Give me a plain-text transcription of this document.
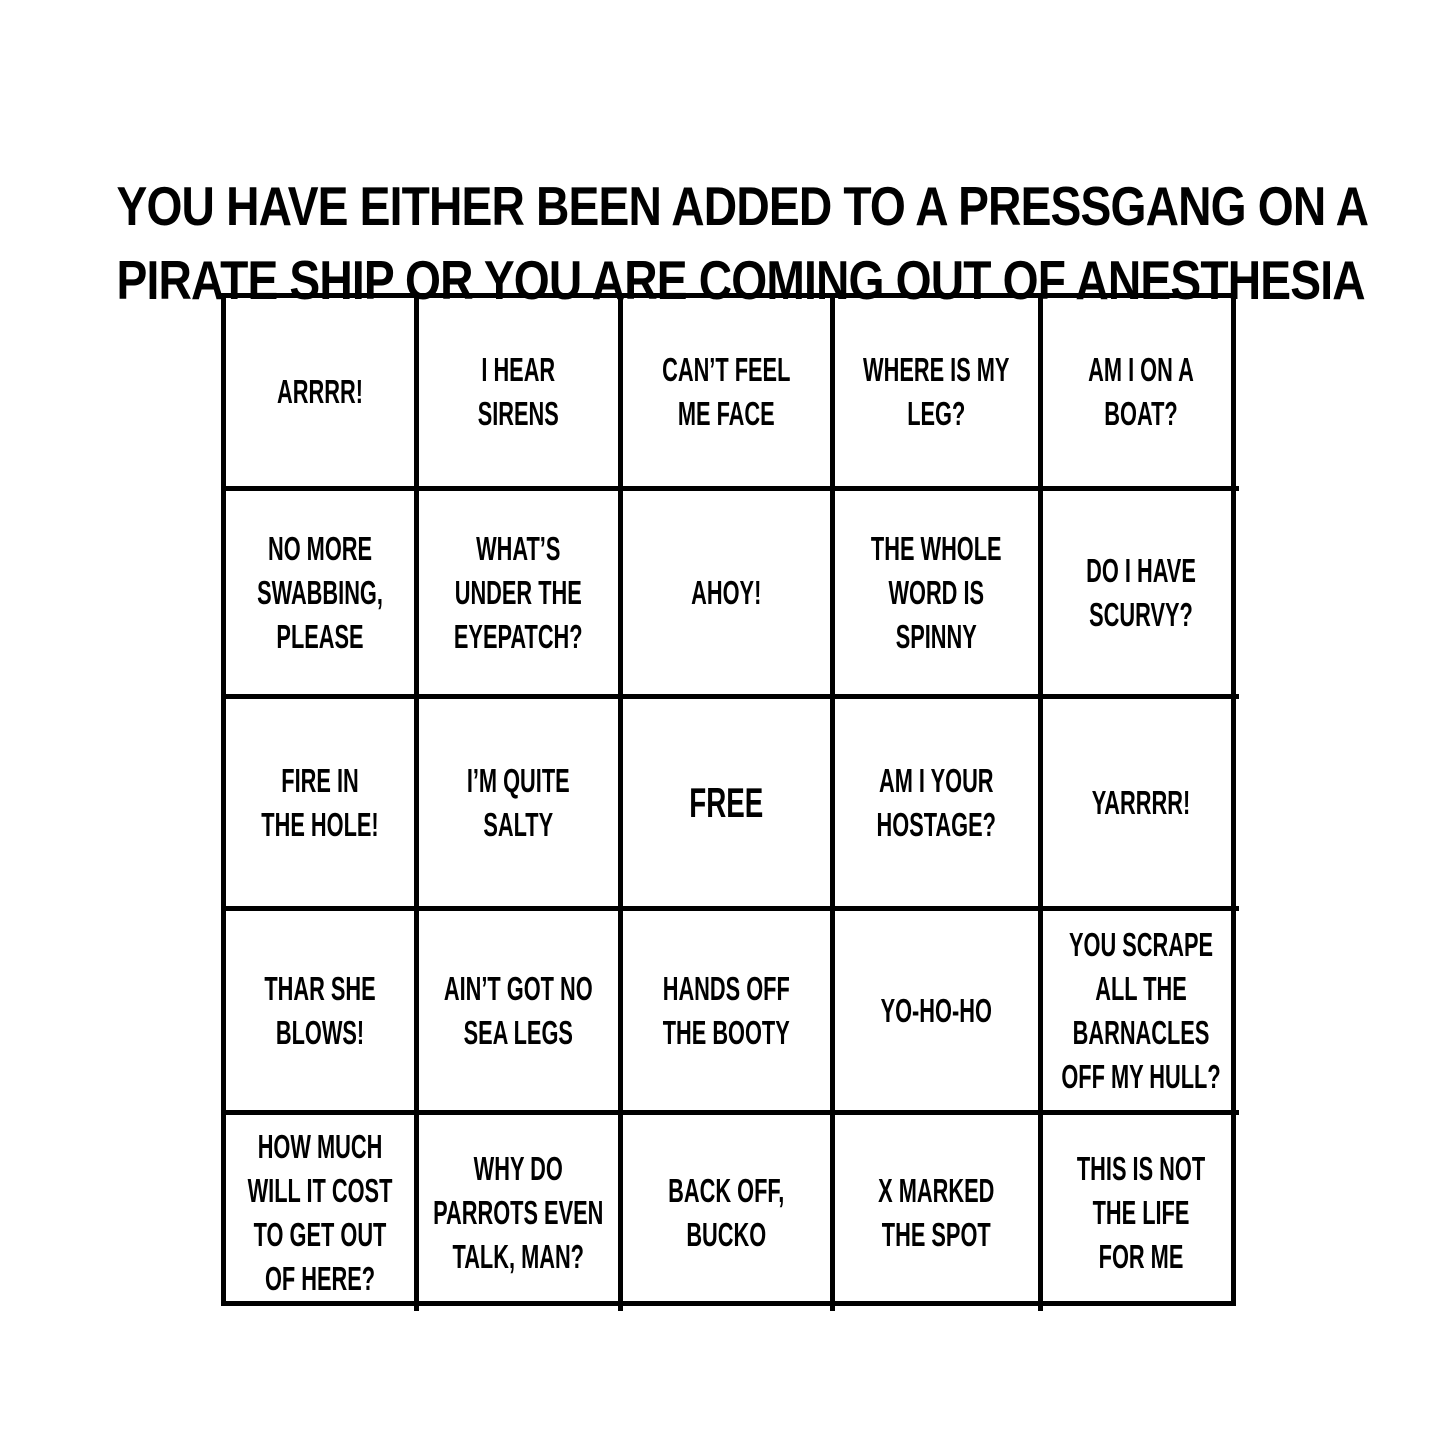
YOU HAVE EITHER BEEN ADDED TO A PRESSGANG ON A
PIRATE SHIP OR YOU ARE COMING OUT OF ANESTHESIA
ARRRR!
I HEAR
SIRENS
CAN’T FEEL
ME FACE
WHERE IS MY
LEG?
AM I ON A
BOAT?
NO MORE
SWABBING,
PLEASE
WHAT’S
UNDER THE
EYEPATCH?
AHOY!
THE WHOLE
WORD IS
SPINNY
DO I HAVE
SCURVY?
FIRE IN
THE HOLE!
I’M QUITE
SALTY	FREE	AM I YOUR
HOSTAGE?
YARRRR!
THAR SHE
BLOWS!
AIN’T GOT NO
SEA LEGS
HANDS OFF
THE BOOTY
YO-HO-HO
YOU SCRAPE
ALL THE
BARNACLES
OFF MY HULL?
HOW MUCH
WILL IT COST
TO GET OUT
OF HERE?
WHY DO
PARROTS EVEN
TALK, MAN?
BACK OFF,
BUCKO
X MARKED
THE SPOT
THIS IS NOT
THE LIFE
FOR ME
